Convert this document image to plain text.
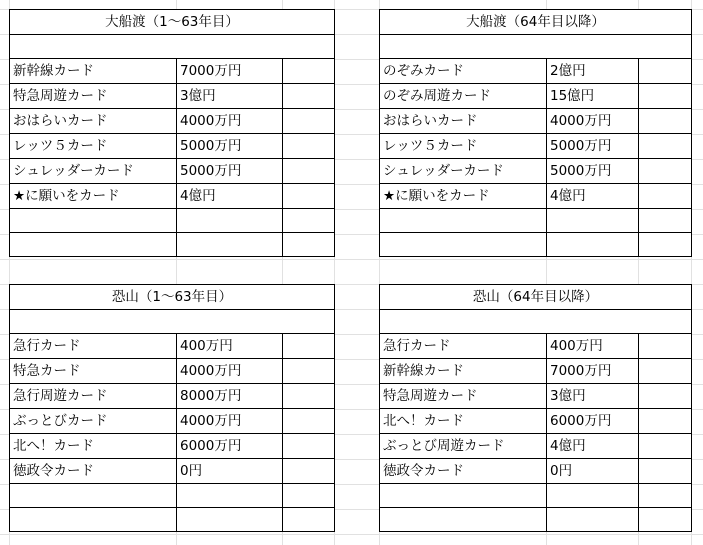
大船渡（1〜63年目）		

新幹線カード	7000万円	
特急周遊カード	3億円	
おはらいカード	4000万円	
レッツ５カード	5000万円	
シュレッダーカード	5000万円	
★に願いをカード	4億円	

大船渡（64年目以降）		

のぞみカード	2億円	
のぞみ周遊カード	15億円	
おはらいカード	4000万円	
レッツ５カード	5000万円	
シュレッダーカード	5000万円	
★に願いをカード	4億円	

恐山（1〜63年目）		

急行カード	400万円	
特急カード	4000万円	
急行周遊カード	8000万円	
ぶっとびカード	4000万円	
北へ！カード	6000万円	
徳政令カード	0円	

恐山（64年目以降）		

急行カード	400万円	
新幹線カード	7000万円	
特急周遊カード	3億円	
北へ！カード	6000万円	
ぶっとび周遊カード	4億円	
徳政令カード	0円	
